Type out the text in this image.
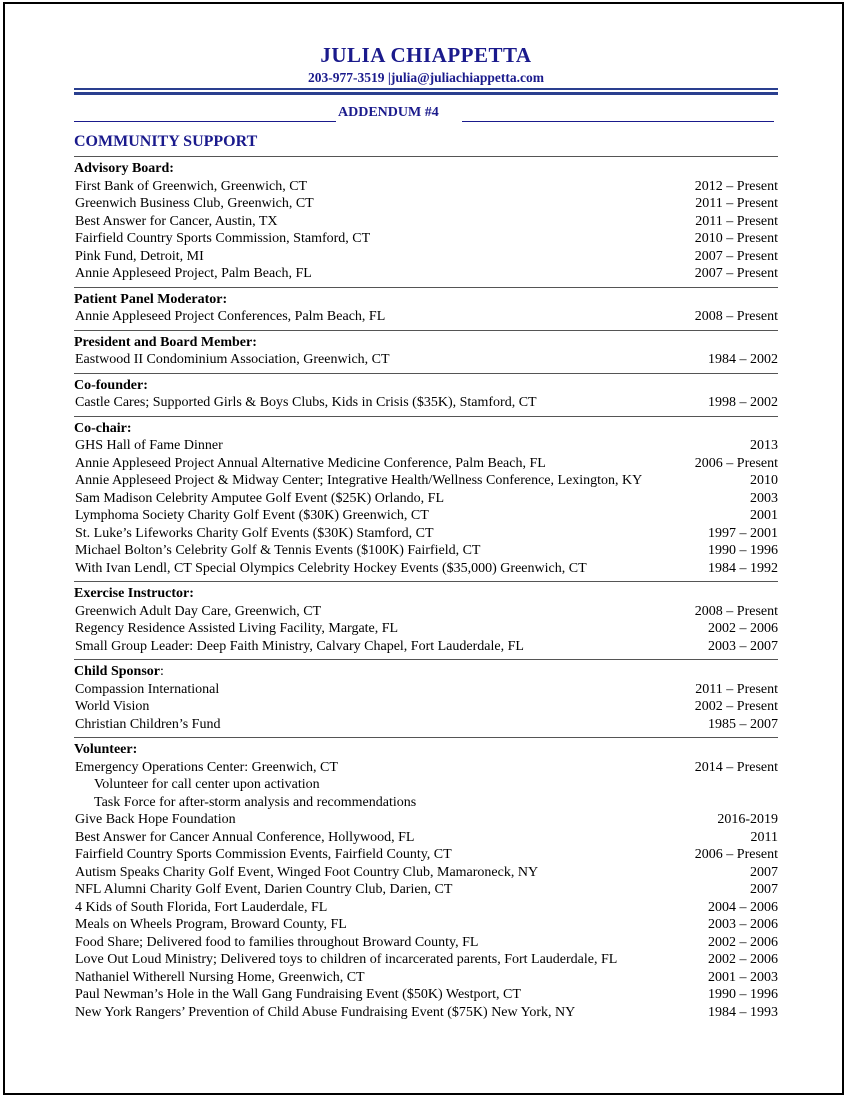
JULIA CHIAPPETTA
203-977-3519 |julia@juliachiappetta.com
ADDENDUM #4
COMMUNITY SUPPORT
Advisory Board:
First Bank of Greenwich, Greenwich, CT	2012 – Present
Greenwich Business Club, Greenwich, CT	2011 – Present
Best Answer for Cancer, Austin, TX	2011 – Present
Fairfield Country Sports Commission, Stamford, CT	2010 – Present
Pink Fund, Detroit, MI	2007 – Present
Annie Appleseed Project, Palm Beach, FL	2007 – Present
Patient Panel Moderator:
Annie Appleseed Project Conferences, Palm Beach, FL	2008 – Present
President and Board Member:
Eastwood II Condominium Association, Greenwich, CT	1984 – 2002
Co-founder:
Castle Cares; Supported Girls & Boys Clubs, Kids in Crisis ($35K), Stamford, CT	1998 – 2002
Co-chair:
GHS Hall of Fame Dinner	2013
Annie Appleseed Project Annual Alternative Medicine Conference, Palm Beach, FL	2006 – Present
Annie Appleseed Project & Midway Center; Integrative Health/Wellness Conference, Lexington, KY	2010
Sam Madison Celebrity Amputee Golf Event ($25K) Orlando, FL	2003
Lymphoma Society Charity Golf Event ($30K) Greenwich, CT	2001
St. Luke’s Lifeworks Charity Golf Events ($30K) Stamford, CT	1997 – 2001
Michael Bolton’s Celebrity Golf & Tennis Events ($100K) Fairfield, CT	1990 – 1996
With Ivan Lendl, CT Special Olympics Celebrity Hockey Events ($35,000) Greenwich, CT	1984 – 1992
Exercise Instructor:
Greenwich Adult Day Care, Greenwich, CT	2008 – Present
Regency Residence Assisted Living Facility, Margate, FL	2002 – 2006
Small Group Leader: Deep Faith Ministry, Calvary Chapel, Fort Lauderdale, FL	2003 – 2007
Child Sponsor:
Compassion International	2011 – Present
World Vision	2002 – Present
Christian Children’s Fund	1985 – 2007
Volunteer:
Emergency Operations Center: Greenwich, CT	2014 – Present
Volunteer for call center upon activation
Task Force for after-storm analysis and recommendations
Give Back Hope Foundation	2016-2019
Best Answer for Cancer Annual Conference, Hollywood, FL	2011
Fairfield Country Sports Commission Events, Fairfield County, CT	2006 – Present
Autism Speaks Charity Golf Event, Winged Foot Country Club, Mamaroneck, NY	2007
NFL Alumni Charity Golf Event, Darien Country Club, Darien, CT	2007
4 Kids of South Florida, Fort Lauderdale, FL	2004 – 2006
Meals on Wheels Program, Broward County, FL	2003 – 2006
Food Share; Delivered food to families throughout Broward County, FL	2002 – 2006
Love Out Loud Ministry; Delivered toys to children of incarcerated parents, Fort Lauderdale, FL	2002 – 2006
Nathaniel Witherell Nursing Home, Greenwich, CT	2001 – 2003
Paul Newman’s Hole in the Wall Gang Fundraising Event ($50K) Westport, CT	1990 – 1996
New York Rangers’ Prevention of Child Abuse Fundraising Event ($75K) New York, NY	1984 – 1993
